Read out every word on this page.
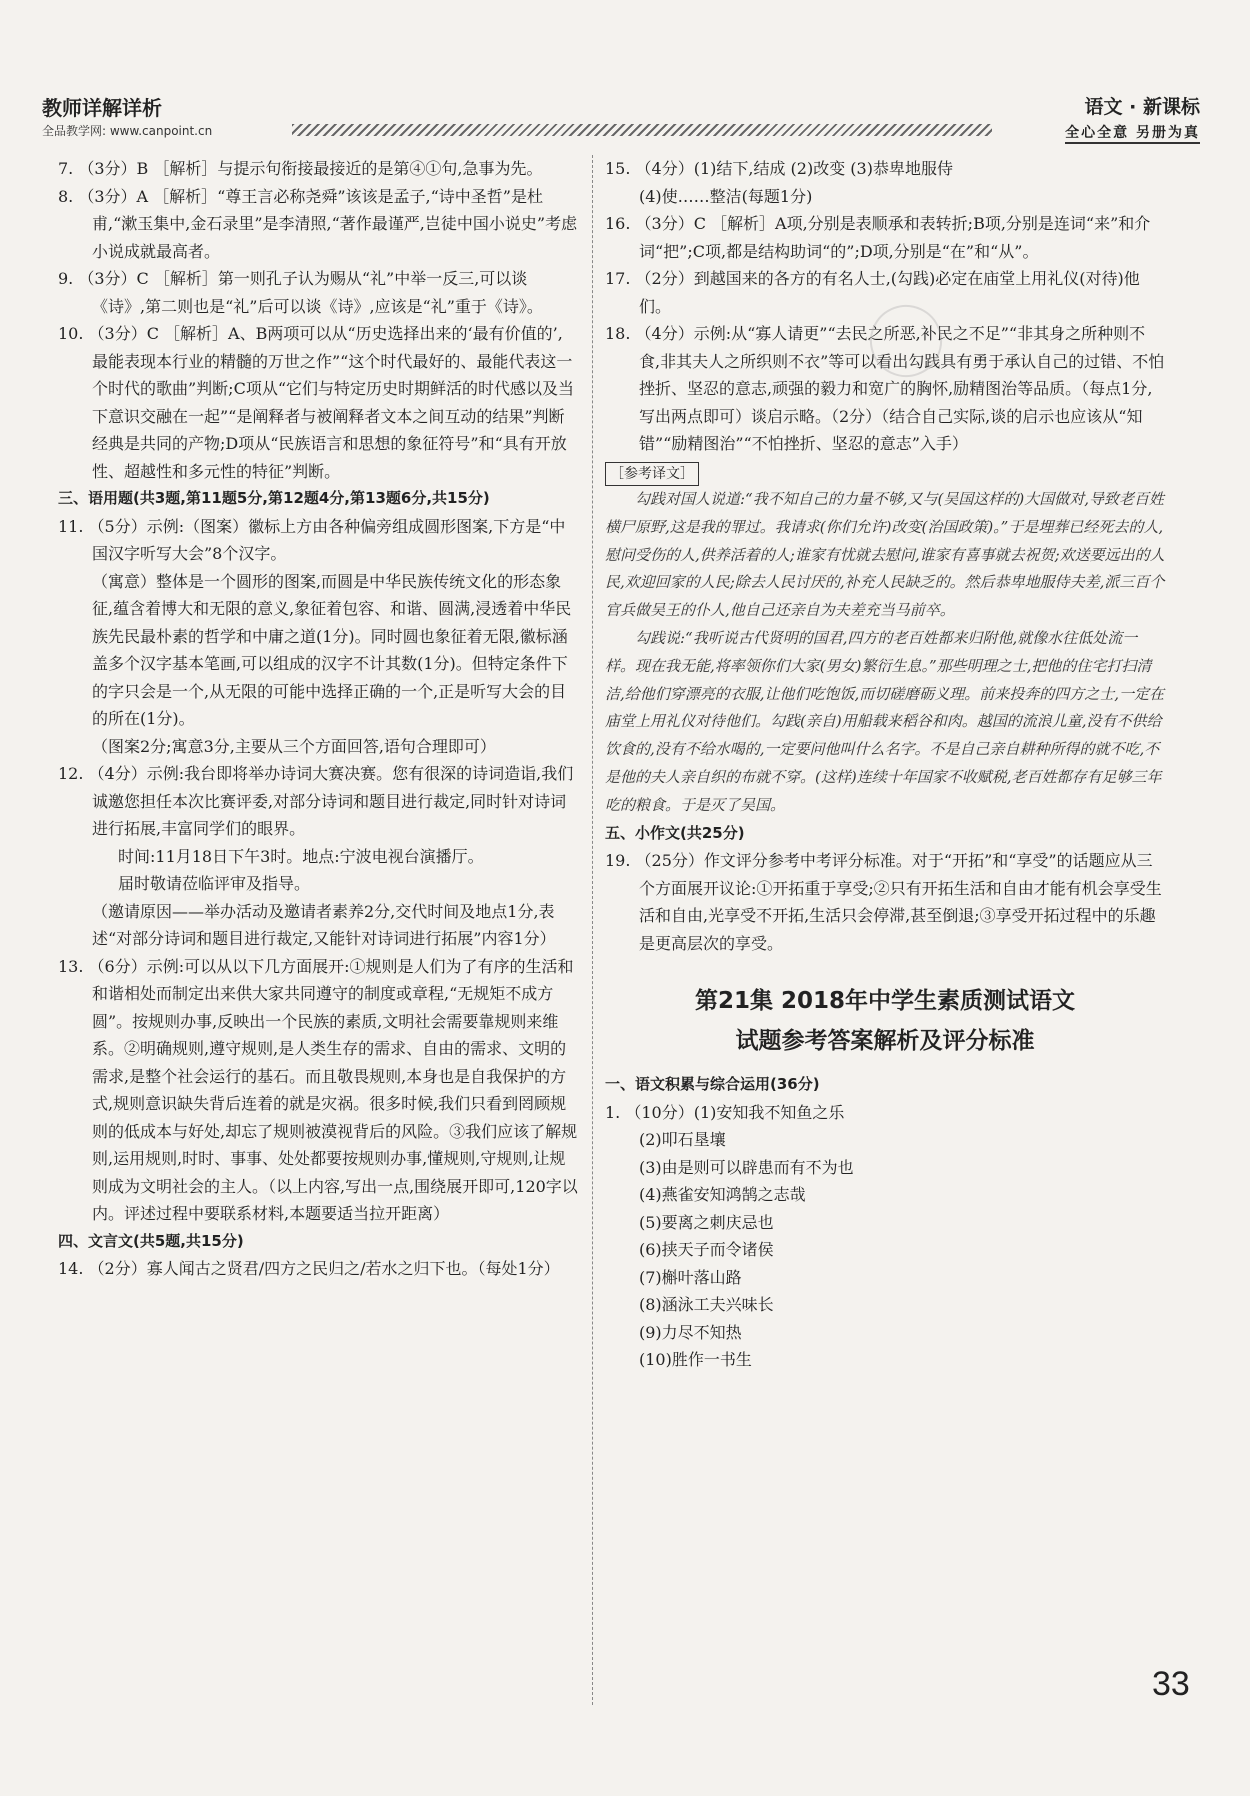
教师详解详析
全品教学网: www.canpoint.cn
语文 · 新课标
全心全意 另册为真
7. （3分）B ［解析］与提示句衔接最接近的是第④①句,急事为先。
8. （3分）A ［解析］“尊王言必称尧舜”该该是孟子,“诗中圣哲”是杜甫,“漱玉集中,金石录里”是李清照,“著作最谨严,岂徒中国小说史”考虑小说成就最高者。
9. （3分）C ［解析］第一则孔子认为赐从“礼”中举一反三,可以谈《诗》,第二则也是“礼”后可以谈《诗》,应该是“礼”重于《诗》。
10. （3分）C ［解析］A、B两项可以从“历史选择出来的‘最有价值的’,最能表现本行业的精髓的万世之作”“这个时代最好的、最能代表这一个时代的歌曲”判断;C项从“它们与特定历史时期鲜活的时代感以及当下意识交融在一起”“是阐释者与被阐释者文本之间互动的结果”判断经典是共同的产物;D项从“民族语言和思想的象征符号”和“具有开放性、超越性和多元性的特征”判断。
三、语用题(共3题,第11题5分,第12题4分,第13题6分,共15分)
11. （5分）示例:（图案）徽标上方由各种偏旁组成圆形图案,下方是“中国汉字听写大会”8个汉字。
（寓意）整体是一个圆形的图案,而圆是中华民族传统文化的形态象征,蕴含着博大和无限的意义,象征着包容、和谐、圆满,浸透着中华民族先民最朴素的哲学和中庸之道(1分)。同时圆也象征着无限,徽标涵盖多个汉字基本笔画,可以组成的汉字不计其数(1分)。但特定条件下的字只会是一个,从无限的可能中选择正确的一个,正是听写大会的目的所在(1分)。
（图案2分;寓意3分,主要从三个方面回答,语句合理即可）
12. （4分）示例:我台即将举办诗词大赛决赛。您有很深的诗词造诣,我们诚邀您担任本次比赛评委,对部分诗词和题目进行裁定,同时针对诗词进行拓展,丰富同学们的眼界。
时间:11月18日下午3时。地点:宁波电视台演播厅。
届时敬请莅临评审及指导。
（邀请原因——举办活动及邀请者素养2分,交代时间及地点1分,表述“对部分诗词和题目进行裁定,又能针对诗词进行拓展”内容1分）
13. （6分）示例:可以从以下几方面展开:①规则是人们为了有序的生活和和谐相处而制定出来供大家共同遵守的制度或章程,“无规矩不成方圆”。按规则办事,反映出一个民族的素质,文明社会需要靠规则来维系。②明确规则,遵守规则,是人类生存的需求、自由的需求、文明的需求,是整个社会运行的基石。而且敬畏规则,本身也是自我保护的方式,规则意识缺失背后连着的就是灾祸。很多时候,我们只看到罔顾规则的低成本与好处,却忘了规则被漠视背后的风险。③我们应该了解规则,运用规则,时时、事事、处处都要按规则办事,懂规则,守规则,让规则成为文明社会的主人。（以上内容,写出一点,围绕展开即可,120字以内。评述过程中要联系材料,本题要适当拉开距离）
四、文言文(共5题,共15分)
14. （2分）寡人闻古之贤君/四方之民归之/若水之归下也。（每处1分）
15. （4分）(1)结下,结成 (2)改变 (3)恭卑地服侍
(4)使……整洁(每题1分)
16. （3分）C ［解析］A项,分别是表顺承和表转折;B项,分别是连词“来”和介词“把”;C项,都是结构助词“的”;D项,分别是“在”和“从”。
17. （2分）到越国来的各方的有名人士,(勾践)必定在庙堂上用礼仪(对待)他们。
18. （4分）示例:从“寡人请更”“去民之所恶,补民之不足”“非其身之所种则不食,非其夫人之所织则不衣”等可以看出勾践具有勇于承认自己的过错、不怕挫折、坚忍的意志,顽强的毅力和宽广的胸怀,励精图治等品质。（每点1分,写出两点即可）谈启示略。（2分）（结合自己实际,谈的启示也应该从“知错”“励精图治”“不怕挫折、坚忍的意志”入手）
［参考译文］

勾践对国人说道:“我不知自己的力量不够,又与(吴国这样的)大国做对,导致老百姓横尸原野,这是我的罪过。我请求(你们允许)改变(治国政策)。”于是埋葬已经死去的人,慰问受伤的人,供养活着的人;谁家有忧就去慰问,谁家有喜事就去祝贺;欢送要远出的人民,欢迎回家的人民;除去人民讨厌的,补充人民缺乏的。然后恭卑地服侍夫差,派三百个官兵做吴王的仆人,他自己还亲自为夫差充当马前卒。

勾践说:“我听说古代贤明的国君,四方的老百姓都来归附他,就像水往低处流一样。现在我无能,将率领你们大家(男女)繁衍生息。”那些明理之士,把他的住宅打扫清洁,给他们穿漂亮的衣服,让他们吃饱饭,而切磋磨砺义理。前来投奔的四方之士,一定在庙堂上用礼仪对待他们。勾践(亲自)用船载来稻谷和肉。越国的流浪儿童,没有不供给饮食的,没有不给水喝的,一定要问他叫什么名字。不是自己亲自耕种所得的就不吃,不是他的夫人亲自织的布就不穿。(这样)连续十年国家不收赋税,老百姓都存有足够三年吃的粮食。于是灭了吴国。

五、小作文(共25分)
19. （25分）作文评分参考中考评分标准。对于“开拓”和“享受”的话题应从三个方面展开议论:①开拓重于享受;②只有开拓生活和自由才能有机会享受生活和自由,光享受不开拓,生活只会停滞,甚至倒退;③享受开拓过程中的乐趣是更高层次的享受。
第21集 2018年中学生素质测试语文
试题参考答案解析及评分标准
一、语文积累与综合运用(36分)
1. （10分）(1)安知我不知鱼之乐
(2)叩石垦壤
(3)由是则可以辟患而有不为也
(4)燕雀安知鸿鹄之志哉
(5)要离之刺庆忌也
(6)挟天子而令诸侯
(7)槲叶落山路
(8)涵泳工夫兴味长
(9)力尽不知热
(10)胜作一书生
33
